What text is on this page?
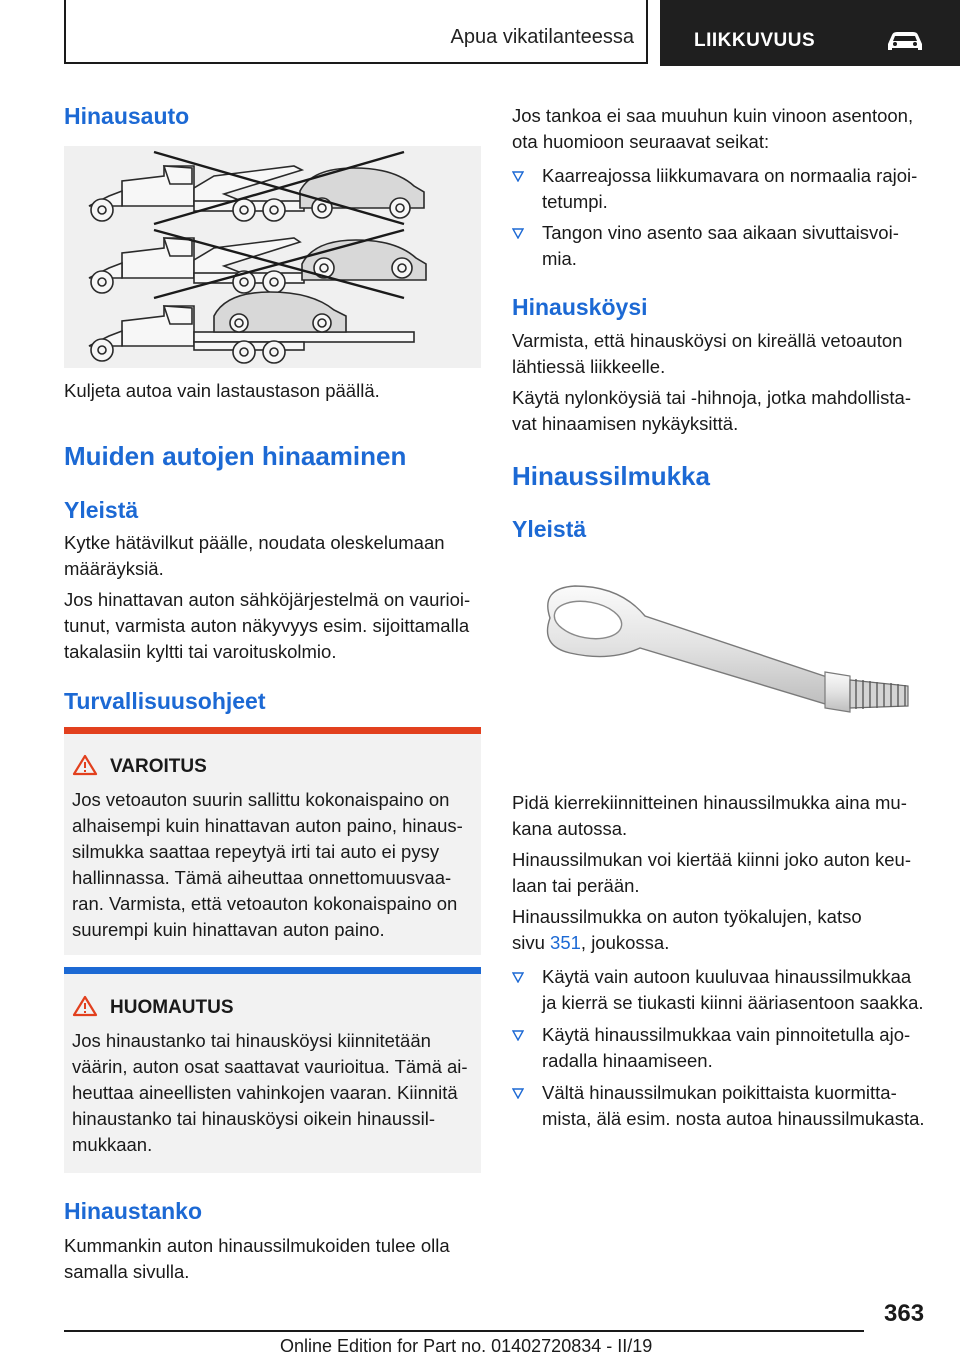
Apua vikatilanteessa	LIIKKUVUUS
Hinausauto
Kuljeta autoa vain lastaustason päällä.
Muiden autojen hinaaminen
Yleistä
Kytke hätävilkut päälle, noudata oleskelumaan
määräyksiä.
Jos hinattavan auton sähköjärjestelmä on vaurioi‐
tunut, varmista auton näkyvyys esim. sijoittamalla
takalasiin kyltti tai varoituskolmio.
Turvallisuusohjeet
VAROITUS
Jos vetoauton suurin sallittu kokonaispaino on
alhaisempi kuin hinattavan auton paino, hinaus‐
silmukka saattaa repeytyä irti tai auto ei pysy
hallinnassa. Tämä aiheuttaa onnettomuusvaa‐
ran. Varmista, että vetoauton kokonaispaino on
suurempi kuin hinattavan auton paino.
HUOMAUTUS
Jos hinaustanko tai hinausköysi kiinnitetään
väärin, auton osat saattavat vaurioitua. Tämä ai‐
heuttaa aineellisten vahinkojen vaaran. Kiinnitä
hinaustanko tai hinausköysi oikein hinaussil‐
mukkaan.
Hinaustanko
Kummankin auton hinaussilmukoiden tulee olla
samalla sivulla.
Jos tankoa ei saa muuhun kuin vinoon asentoon,
ota huomioon seuraavat seikat:
Kaarreajossa liikkumavara on normaalia rajoi‐
tetumpi.
Tangon vino asento saa aikaan sivuttaisvoi‐
mia.
Hinausköysi
Varmista, että hinausköysi on kireällä vetoauton
lähtiessä liikkeelle.
Käytä nylonköysiä tai -hihnoja, jotka mahdollista‐
vat hinaamisen nykäyksittä.
Hinaussilmukka
Yleistä
Pidä kierrekiinnitteinen hinaussilmukka aina mu‐
kana autossa.
Hinaussilmukan voi kiertää kiinni joko auton keu‐
laan tai perään.
Hinaussilmukka on auton työkalujen, katso
sivu 351, joukossa.
Käytä vain autoon kuuluvaa hinaussilmukkaa
ja kierrä se tiukasti kiinni ääriasentoon saakka.
Käytä hinaussilmukkaa vain pinnoitetulla ajo‐
radalla hinaamiseen.
Vältä hinaussilmukan poikittaista kuormitta‐
mista, älä esim. nosta autoa hinaussilmukasta.
363
Online Edition for Part no. 01402720834 - II/19
